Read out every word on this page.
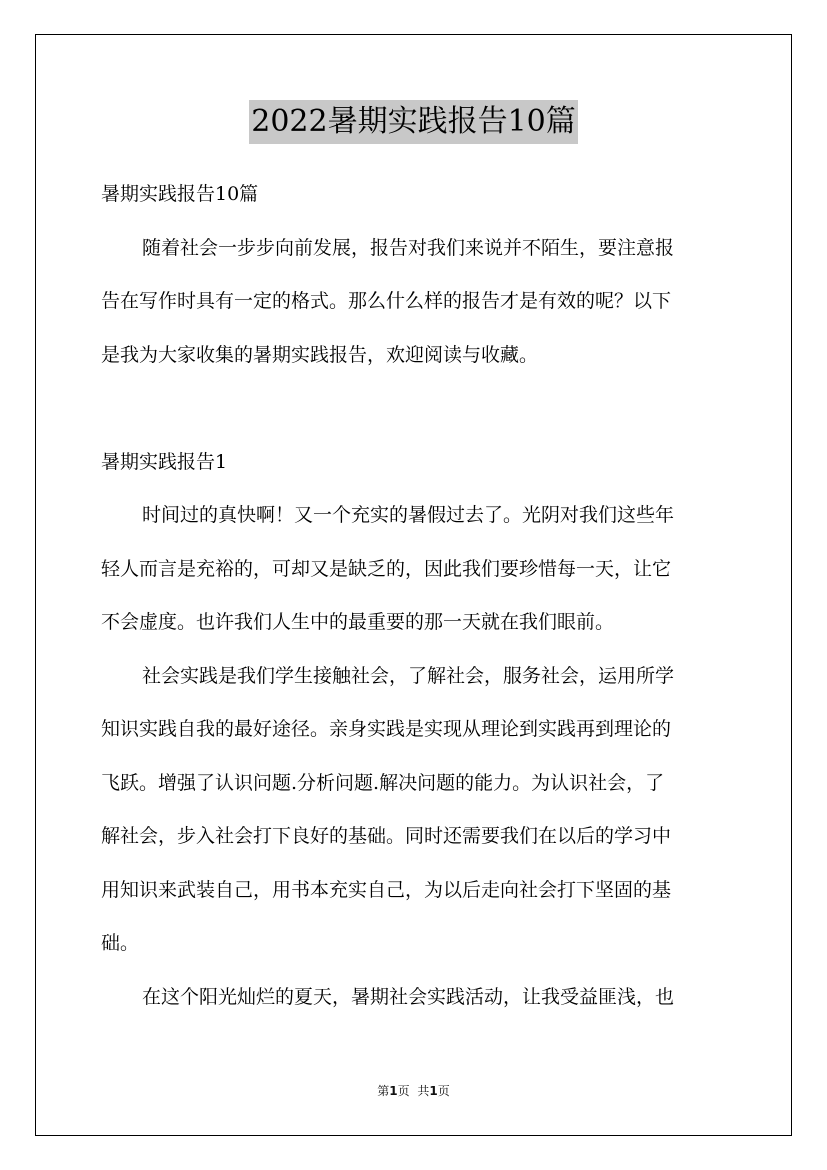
2022暑期实践报告10篇
暑期实践报告10篇
随着社会一步步向前发展，报告对我们来说并不陌生，要注意报
告在写作时具有一定的格式。那么什么样的报告才是有效的呢？以下
是我为大家收集的暑期实践报告，欢迎阅读与收藏。
暑期实践报告1
时间过的真快啊！又一个充实的暑假过去了。光阴对我们这些年
轻人而言是充裕的，可却又是缺乏的，因此我们要珍惜每一天，让它
不会虚度。也许我们人生中的最重要的那一天就在我们眼前。
社会实践是我们学生接触社会，了解社会，服务社会，运用所学
知识实践自我的最好途径。亲身实践是实现从理论到实践再到理论的
飞跃。增强了认识问题.分析问题.解决问题的能力。为认识社会，了
解社会，步入社会打下良好的基础。同时还需要我们在以后的学习中
用知识来武装自己，用书本充实自己，为以后走向社会打下坚固的基
础。
在这个阳光灿烂的夏天，暑期社会实践活动，让我受益匪浅，也
第1页 共1页
